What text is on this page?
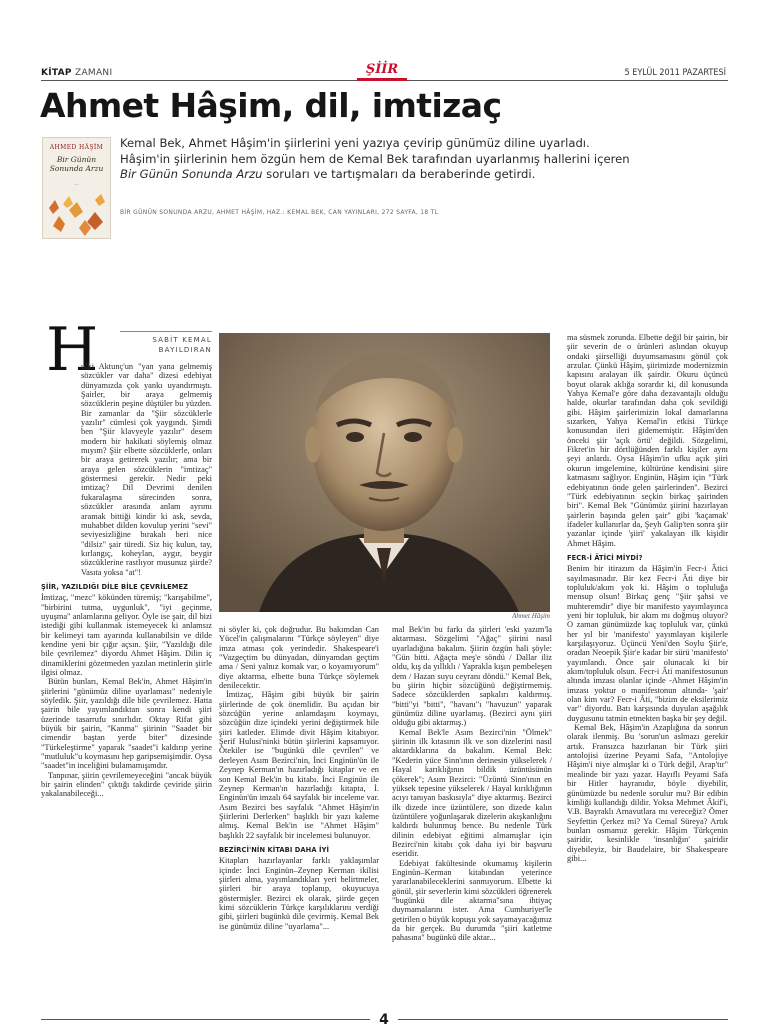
KİTAP ZAMANI	ŞİİR	5 EYLÜL 2011 PAZARTESİ
Ahmet Hâşim, dil, imtizaç
AHMED HÂŞİM
Bir Günün
Sonunda Arzu
—
Kemal Bek, Ahmet Hâşim'in şiirlerini yeni yazıya çevirip günümüz diline uyarladı. Hâşim'in şiirlerinin hem özgün hem de Kemal Bek tarafından uyarlanmış hallerini içeren Bir Günün Sonunda Arzu soruları ve tartışmaları da beraberinde getirdi.
BİR GÜNÜN SONUNDA ARZU, AHMET HÂŞİM, HAZ.: KEMAL BEK, CAN YAYINLARI, 272 SAYFA, 18 TL
SABİT KEMAL
BAYILDIRAN
H

ulki Aktunç'un "yan yana gelmemiş sözcükler var daha" dizesi edebiyat dünyamızda çok yankı uyandırmıştı. Şairler, bir araya gelmemiş sözcüklerin peşine düştüler bu yüzden. Bir zamanlar da "Şiir sözcüklerle yazılır" cümlesi çok yaygındı. Şimdi ben "Şiir klavyeyle yazılır" desem modern bir hakikati söylemiş olmaz mıyım? Şiir elbette sözcüklerle, onları bir araya getirerek yazılır; ama bir araya gelen sözcüklerin "imtizaç" göstermesi gerekir. Nedir peki imtizaç? Dil Devrimi denilen fukaralaşma sürecinden sonra, sözcükler arasında anlam ayrımı aramak bittiği kindir ki ask, sevda, muhabbet dilden kovulup yerini "sevi" seviyesizliğine bırakalı beri nice "dilsiz" şair türedi. Siz hiç kulun, tay, kırlangıç, koheylan, aygır, beygir sözcüklerine rastlıyor musunuz şiirde? Vasıta yoksa "at"!

ŞİİR, YAZILDIĞI DİLE BİLE ÇEVRİLEMEZ

İmtizaç, "mezc" kökünden türemiş; "karışabilme", "birbirini tutma, uygunluk", "iyi geçinme, uyuşma" anlamlarına geliyor. Öyle ise şair, dil bizi istediği gibi kullanmak istemeyecek ki anlamsız bir kelimeyi tam ayarında kullanabilsin ve dilde kendine yeni bir çığır açsın. Şiir, "Yazıldığı dile bile çevrilemez" diyordu Ahmet Hâşim. Dilin iç dinamiklerini gözetmeden yazılan metinlerin şiirle ilgisi olmaz.

Bütün bunları, Kemal Bek'in, Ahmet Hâşim'in şiirlerini "günümüz diline uyarlaması" nedeniyle söyledik. Şiir, yazıldığı dile bile çevrilemez. Hatta şairin bile yayımlandıktan sonra kendi şiiri üzerinde tasarrufu sınırlıdır. Oktay Rifat gibi büyük bir şairin, "Kanma" şiirinin "Saadet bir cimendir baştan yerde biter" dizesinde "Türkeleştirme" yaparak "saadet"i kaldırıp yerine "mutluluk"u koymasını hep garipsemişimdir. Oysa "saadet"in inceliğini bulamamışımdır.

Tanpınar, şiirin çevrilemeyeceğini "ancak büyük bir şairin elinden" çıktığı takdirde çeviride şiirin yakalanabileceği...

Ahmet Hâşim

ni söyler ki, çok doğrudur. Bu bakımdan Can Yücel'in çalışmalarını "Türkçe söyleyen" diye imza atması çok yerindedir. Shakespeare'i "Vazgeçtim bu dünyadan, dünyamdan geçtim ama / Seni yalnız komak var, o koyamıyorum" diye aktarma, elbette buna Türkçe söylemek denilecektir.

İmtizaç, Hâşim gibi büyük bir şairin şiirlerinde de çok önemlidir. Bu açıdan bir sözcüğün yerine anlamdaşını koymayı, sözcüğün dize içindeki yerini değiştirmek bile şiiri katleder. Elimde divit Hâşim kitabıyor. Şerif Hulusi'ninki bütün şiirlerini kapsamıyor. Ötekiler ise "bugünkü dile çevrilen" ve derleyen Asım Bezirci'nin, İnci Enginün'ün ile Zeynep Kerman'ın hazırladığı kitaplar ve en son Kemal Bek'in bu kitabı. İnci Enginün ile Zeynep Kerman'ın hazırladığı kitapta, İ. Enginün'ün imzalı 64 sayfalık bir inceleme var. Asım Bezirci bes sayfalık "Ahmet Hâşim'in Şiirlerini Derlerken" başlıklı bir yazı kaleme almış. Kemal Bek'in ise "Ahmet Hâşim" başlıklı 22 sayfalık bir incelemesi bulunuyor.

BEZİRCİ'NİN KİTABI DAHA İYİ

Kitapları hazırlayanlar farklı yaklaşımlar içinde: İnci Enginün–Zeynep Kerman ikilisi şiirleri alma, yayımlandıkları yeri belirtmeler, şiirleri bir araya toplanıp, okuyucuya göstermişler. Bezirci ek olarak, şiirde geçen kimi sözcüklerin Türkçe karşılıklarını verdiği gibi, şiirleri bugünkü dile çevirmiş. Kemal Bek ise günümüz diline "uyarlama"...

mal Bek'in bu farkı da şiirleri 'eski yazım'la aktarması. Sözgelimi "Ağaç" şiirini nasıl uyarladığına bakalım. Şiirin özgün hali şöyle: "Gün bitti. Ağaçta meş'e söndü / Dallar iliz oldu, kış da yıllıklı / Yaprakla kışın pembeleşen dem / Hazan suyu ceyranı döndü." Kemal Bek, bu şiirin hiçbir sözcüğünü değiştirmemiş. Sadece sözcüklerden sapkalırı kaldırmış. "bitti"yi "bitti", "havanı"ı "havuzun" yaparak günümüz diline uyarlamış. (Bezirci aynı şiiri olduğu gibi aktarmış.)

Kemal Bek'le Asım Bezirci'nin "Ölmek" şiirinin ilk kıtasının ilk ve son dizelerini nasıl aktardıklarına da bakalım. Kemal Bek: "Kederin yüce Sinn'ının derinesin yükselerek / Hayal karıklığının bildik üzüntüsünün çökerek"; Asım Bezirci: "Üzüntü Sinn'ının en yüksek tepesine yükselerek / Hayal kırıklığının acıyı tanıyan baskısıyla" diye aktarmış. Bezirci ilk dizede ince üzüntülere, son dizede kalın üzüntülere yoğunlaşarak dizelerin akışkanlığını kaldırdı bulunmuş bence. Bu nedenle Türk dilinin edebiyat eğitimi almamışlar için Bezirci'nin kitabı çok daha iyi bir başvuru eseridir.

Edebiyat fakültesinde okumamış kişilerin Enginün–Kerman kitabından yeterince yararlanabileceklerini sanmıyorum. Elbette ki gönül, şiir severlerin kimi sözcükleri öğrenerek "bugünkü dile aktarma"sına ihtiyaç duymamalarını ister. Ama Cumhuriyet'le getirilen o büyük kopuşu yok sayamayacağımız da bir gerçek. Bu durumda "şiiri katletme pahasına" bugünkü dile aktar...

ma süsmek zorunda. Elbette değil bir şairin, bir şiir severin de o ürünleri aslından okuyup ondaki şiirselliği duyumsamasını gönül çok arzular. Çünkü Hâşim, şiirimizde modernizmin kapısını aralayan ilk şairdir. Okuru üçüncü boyut olarak aklığa sorardır ki, dil konusunda Yahya Kemal'e göre daha dezavantajlı olduğu halde, okurlar tarafından daha çok sevildiği gibi. Hâşim şairlerimizin lokal damarlarına sızarken, Yahya Kemal'in etkisi Türkçe konusundan ileri gidememiştir. Hâşim'den önceki şiir 'açık örtü' değildi. Sözgelimi, Fikret'in bir dörtlüğünden farklı kişiler aynı şeyi anlardı. Oysa Hâşim'in ufku açık şiiri okurun imgelemine, kültürüne kendisini şiire katmasını sağlıyor. Enginün, Hâşim için "Türk edebiyatının önde gelen şairlerinden". Bezirci "Türk edebiyatının seçkin birkaç şairinden biri". Kemal Bek "Günümüz şiirini hazırlayan şairlerin başında gelen şair" gibi 'kaçamak' ifadeler kullanırlar da, Şeyh Galip'ten sonra şiir yazanlar içinde 'şiiri' yakalayan ilk kişidir Ahmet Hâşim.

FECR-İ ÂTİCİ MİYDİ?

Benim bir itirazım da Hâşim'in Fecr-i Âtici sayılmasınadır. Bir kez Fecr-i Âti diye bir topluluk/akım yok ki. Hâşim o topluluğa mensup olsun! Birkaç genç "Şiir şahsi ve muhteremdir" diye bir manifesto yayımlayınca yeni bir topluluk, bir akım mı doğmuş oluyor? O zaman günümüzde kaç topluluk var, çünkü her yıl bir 'manifesto' yayımlayan kişilerle karşılaşıyoruz. Üçüncü Yeni'den Soylu Şiir'e, oradan Neoepik Şiir'e kadar bir sürü 'manifesto' yayımlandı. Önce şair olunacak ki bir akım/topluluk olsun. Fecr-i Âti manifestosunun altında imzası olanlar içinde -Ahmet Hâşim'in imzası yoktur o manifestonun altında- 'şair' olan kim var? Fecr-i Âti, "bizim de eksilerimiz var" diyordu. Batı karşısında duyulan aşağılık duygusunu tatmin etmekten başka bir şey değil.

Kemal Bek, Hâşim'in Azaplığına da sonrun olarak ilenmiş. Bu 'sorun'un aslmazı gerekir artık. Fransızca hazırlanan bir Türk şiiri antolojisi üzerine Peyami Safa, "Antolojiye Hâşim'i niye almışlar ki o Türk değil, Arap'tır" mealinde bir yazı yazar. Hayıflı Peyami Safa bir Hitler hayranıdır, böyle diyebilir, günümüzde bu nedenle sorulur mu? Bir edibin kimliği kullandığı dildir. Yoksa Mehmet Âkif'i, V.B. Bayraklı Arnavutlara mı vereceğiz? Ömer Seyfettin Çerkez mi? Ya Cemal Süreya? Artık bunları osmamız gerekir. Hâşim Türkçenin şairidir, kesinlikle 'insanlığın' şairidir diyebileyiz, bir Baudelaire, bir Shakespeare gibi...

4
